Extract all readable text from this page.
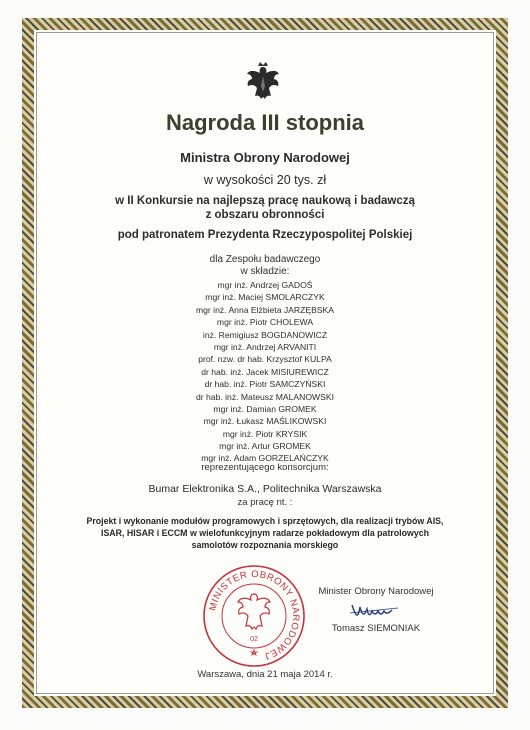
Nagroda III stopnia
Ministra Obrony Narodowej
w wysokości 20 tys. zł
w II Konkursie na najlepszą pracę naukową i badawczą
z obszaru obronności
pod patronatem Prezydenta Rzeczypospolitej Polskiej
dla Zespołu badawczego
w składzie:
mgr inż. Andrzej GADOŚ
mgr inż. Maciej SMOLARCZYK
mgr inż. Anna Elżbieta JARZĘBSKA
mgr inż. Piotr CHOLEWA
inż. Remigiusz BOGDANOWICZ
mgr inż. Andrzej ARVANITI
prof. nzw. dr hab. Krzysztof KULPA
dr hab. inż. Jacek MISIUREWICZ
dr hab. inż. Piotr SAMCZYŃSKI
dr hab. inż. Mateusz MALANOWSKI
mgr inż. Damian GROMEK
mgr inż. Łukasz MAŚLIKOWSKI
mgr inż. Piotr KRYSIK
mgr inż. Artur GROMEK
mgr inż. Adam GORZELAŃCZYK
reprezentującego konsorcjum:
Bumar Elektronika S.A., Politechnika Warszawska
za pracę nt. :
Projekt i wykonanie modułów programowych i sprzętowych, dla realizacji trybów AIS,
ISAR, HISAR i ECCM w wielofunkcyjnym radarze pokładowym dla patrolowych
samolotów rozpoznania morskiego
MINISTER OBRONY NARODOWEJ
02
Minister Obrony Narodowej
Tomasz SIEMONIAK
Warszawa, dnia 21 maja 2014 r.
